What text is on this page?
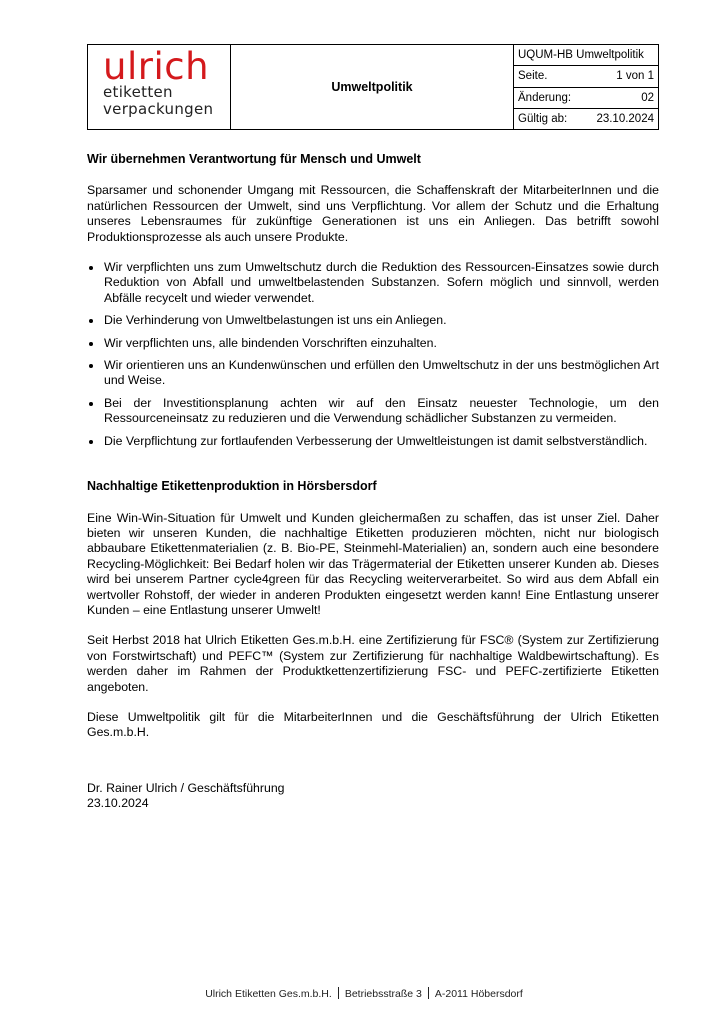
ulrich
etiketten
verpackungen
Umweltpolitik
UQUM-HB Umweltpolitik
Seite.	1 von 1
Änderung:	02
Gültig ab:	23.10.2024
Wir übernehmen Verantwortung für Mensch und Umwelt

Sparsamer und schonender Umgang mit Ressourcen, die Schaffenskraft der MitarbeiterInnen und die natürlichen Ressourcen der Umwelt, sind uns Verpflichtung. Vor allem der Schutz und die Erhaltung unseres Lebensraumes für zukünftige Generationen ist uns ein Anliegen. Das betrifft sowohl Produktionsprozesse als auch unsere Produkte.

Wir verpflichten uns zum Umweltschutz durch die Reduktion des Ressourcen-Einsatzes sowie durch Reduktion von Abfall und umweltbelastenden Substanzen. Sofern möglich und sinnvoll, werden Abfälle recycelt und wieder verwendet.
Die Verhinderung von Umweltbelastungen ist uns ein Anliegen.
Wir verpflichten uns, alle bindenden Vorschriften einzuhalten.
Wir orientieren uns an Kundenwünschen und erfüllen den Umweltschutz in der uns bestmöglichen Art und Weise.
Bei der Investitionsplanung achten wir auf den Einsatz neuester Technologie, um den Ressourceneinsatz zu reduzieren und die Verwendung schädlicher Substanzen zu vermeiden.
Die Verpflichtung zur fortlaufenden Verbesserung der Umweltleistungen ist damit selbstverständlich.
Nachhaltige Etikettenproduktion in Hörsbersdorf

Eine Win-Win-Situation für Umwelt und Kunden gleichermaßen zu schaffen, das ist unser Ziel. Daher bieten wir unseren Kunden, die nachhaltige Etiketten produzieren möchten, nicht nur biologisch abbaubare Etikettenmaterialien (z. B. Bio-PE, Steinmehl-Materialien) an, sondern auch eine besondere Recycling-Möglichkeit: Bei Bedarf holen wir das Trägermaterial der Etiketten unserer Kunden ab. Dieses wird bei unserem Partner cycle4green für das Recycling weiterverarbeitet. So wird aus dem Abfall ein wertvoller Rohstoff, der wieder in anderen Produkten eingesetzt werden kann! Eine Entlastung unserer Kunden – eine Entlastung unserer Umwelt!

Seit Herbst 2018 hat Ulrich Etiketten Ges.m.b.H. eine Zertifizierung für FSC® (System zur Zertifizierung von Forstwirtschaft) und PEFC™ (System zur Zertifizierung für nachhaltige Waldbewirtschaftung). Es werden daher im Rahmen der Produktkettenzertifizierung FSC- und PEFC-zertifizierte Etiketten angeboten.

Diese Umweltpolitik gilt für die MitarbeiterInnen und die Geschäftsführung der Ulrich Etiketten Ges.m.b.H.

Dr. Rainer Ulrich / Geschäftsführung
23.10.2024
Ulrich Etiketten Ges.m.b.H. Betriebsstraße 3 A-2011 Höbersdorf
